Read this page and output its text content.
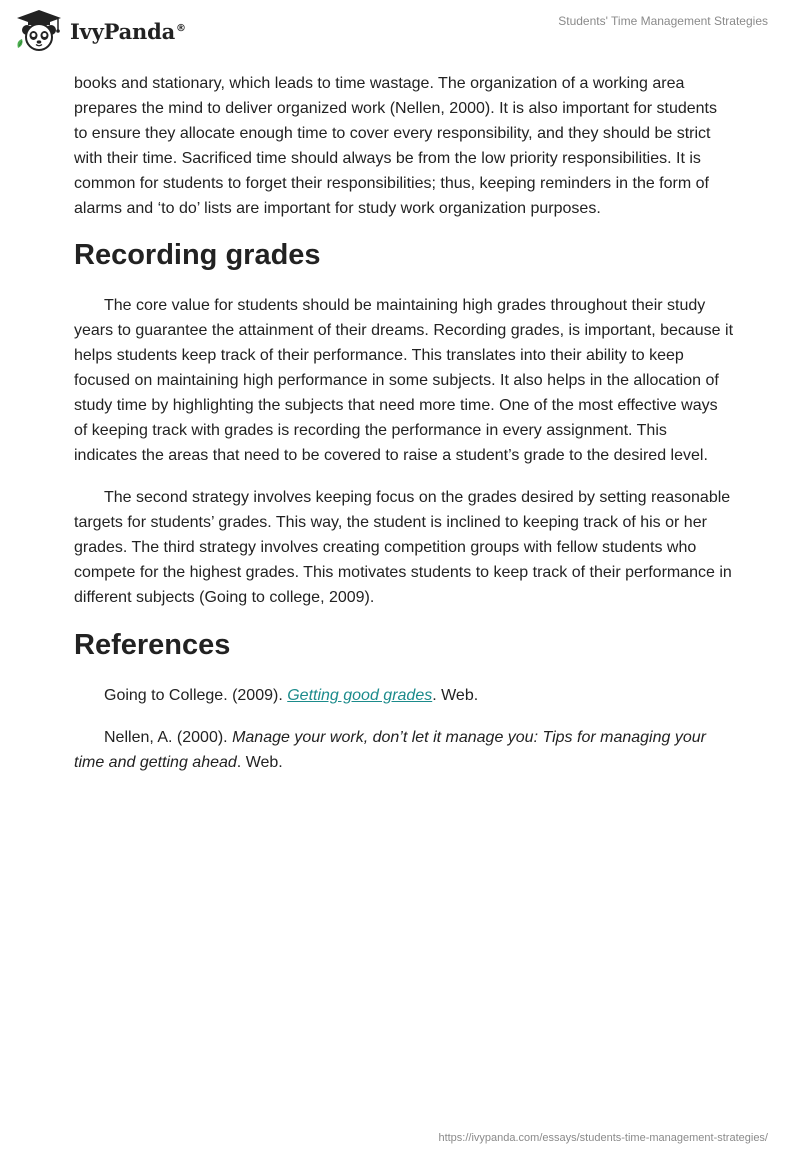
IvyPanda®	Students' Time Management Strategies

books and stationary, which leads to time wastage. The organization of a working area prepares the mind to deliver organized work (Nellen, 2000). It is also important for students to ensure they allocate enough time to cover every responsibility, and they should be strict with their time. Sacrificed time should always be from the low priority responsibilities. It is common for students to forget their responsibilities; thus, keeping reminders in the form of alarms and ‘to do’ lists are important for study work organization purposes.

Recording grades

The core value for students should be maintaining high grades throughout their study years to guarantee the attainment of their dreams. Recording grades, is important, because it helps students keep track of their performance. This translates into their ability to keep focused on maintaining high performance in some subjects. It also helps in the allocation of study time by highlighting the subjects that need more time. One of the most effective ways of keeping track with grades is recording the performance in every assignment. This indicates the areas that need to be covered to raise a student’s grade to the desired level.

The second strategy involves keeping focus on the grades desired by setting reasonable targets for students’ grades. This way, the student is inclined to keeping track of his or her grades. The third strategy involves creating competition groups with fellow students who compete for the highest grades. This motivates students to keep track of their performance in different subjects (Going to college, 2009).

References

Going to College. (2009). Getting good grades. Web.

Nellen, A. (2000). Manage your work, don’t let it manage you: Tips for managing your time and getting ahead. Web.

https://ivypanda.com/essays/students-time-management-strategies/
